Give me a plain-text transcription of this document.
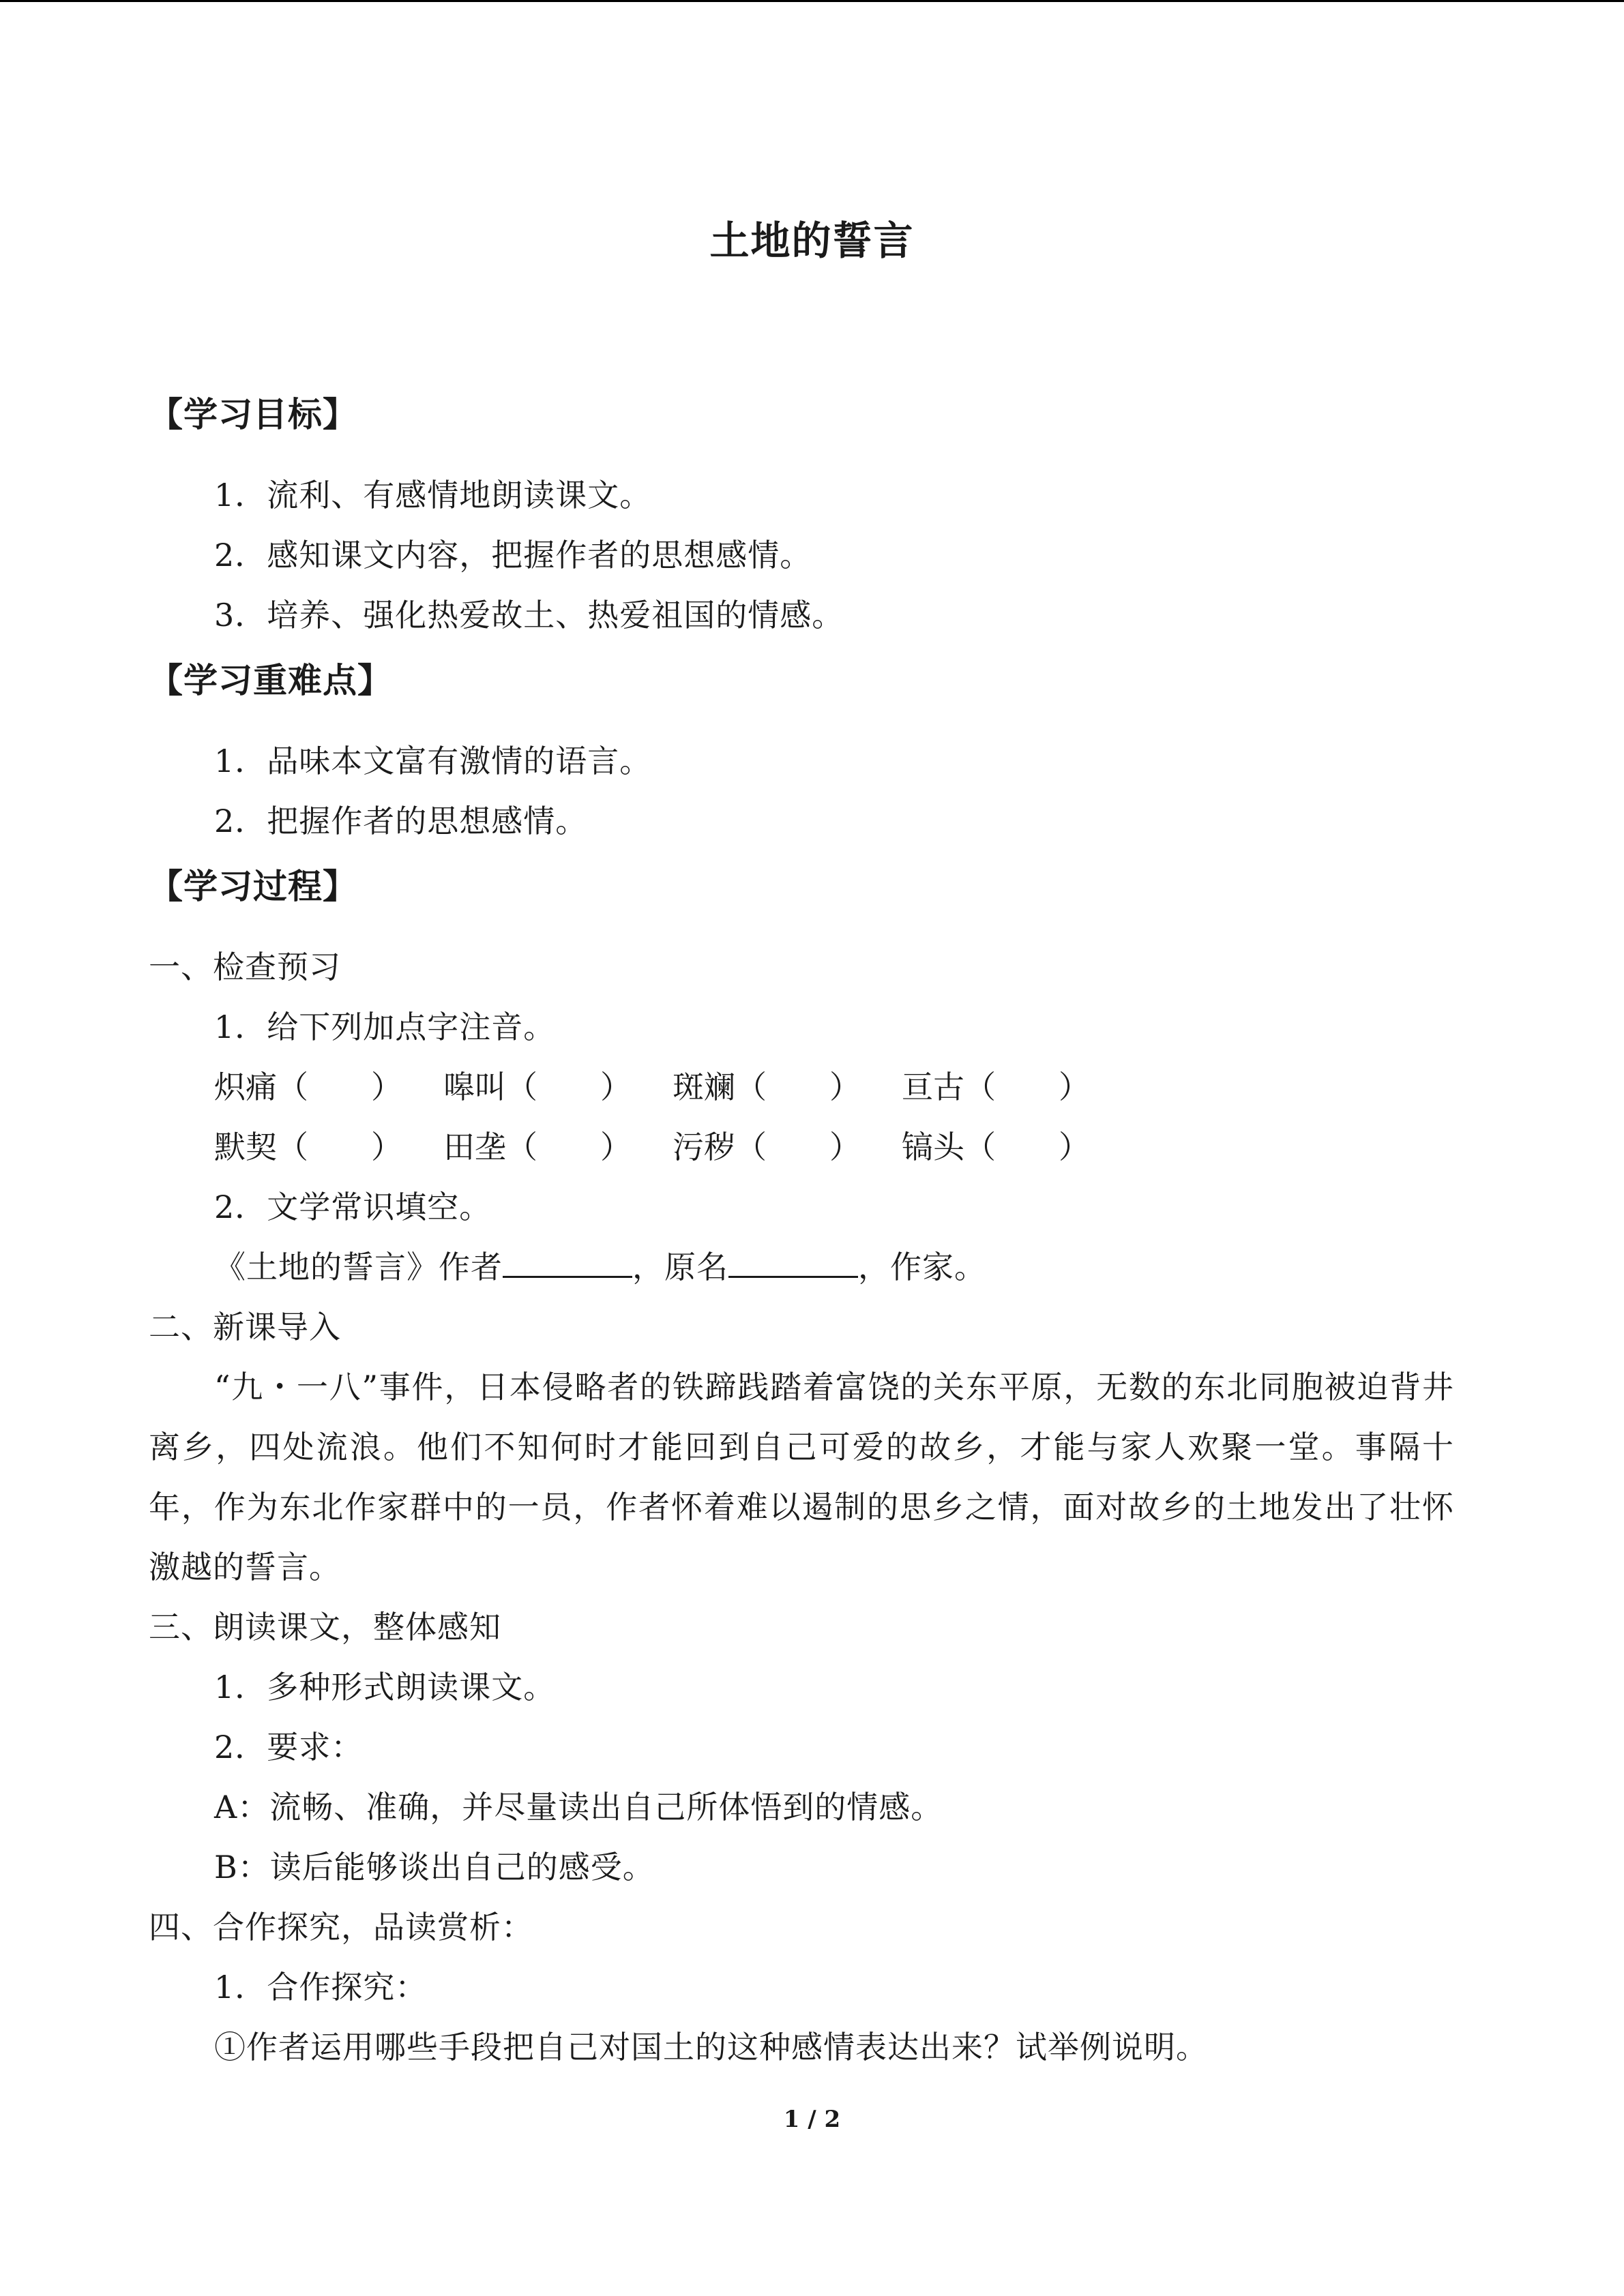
土地的誓言
【学习目标】
1．流利、有感情地朗读课文。
2．感知课文内容，把握作者的思想感情。
3．培养、强化热爱故土、热爱祖国的情感。
【学习重难点】
1．品味本文富有激情的语言。
2．把握作者的思想感情。
【学习过程】
一、检查预习
1．给下列加点字注音。
炽痛（　　） 嗥叫（　　） 斑斓（　　） 亘古（　　）
默契（　　） 田垄（　　） 污秽（　　） 镐头（　　）
2．文学常识填空。
《土地的誓言》作者	，原名	，作家。
二、新课导入
“九・一八”事件，日本侵略者的铁蹄践踏着富饶的关东平原，无数的东北同胞被迫背井离乡，四处流浪。他们不知何时才能回到自己可爱的故乡，才能与家人欢聚一堂。事隔十年，作为东北作家群中的一员，作者怀着难以遏制的思乡之情，面对故乡的土地发出了壮怀激越的誓言。
三、朗读课文，整体感知
1．多种形式朗读课文。
2．要求：
A：流畅、准确，并尽量读出自己所体悟到的情感。
B：读后能够谈出自己的感受。
四、合作探究，品读赏析：
1．合作探究：
①作者运用哪些手段把自己对国土的这种感情表达出来？试举例说明。
1 / 2
